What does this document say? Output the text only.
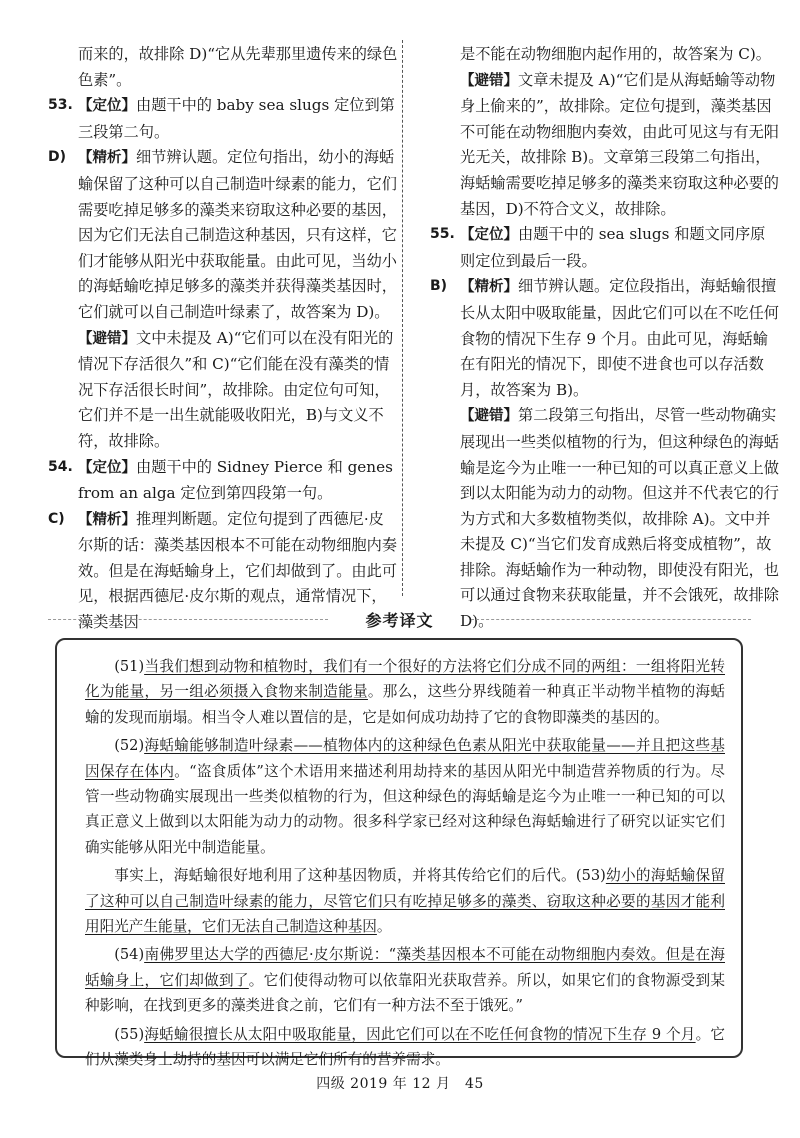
而来的，故排除 D)“它从先辈那里遗传来的绿色
色素”。

53. 【定位】由题干中的 baby sea slugs 定位到第三段第二句。
D) 【精析】细节辨认题。定位句指出，幼小的海蛞蝓保留了这种可以自己制造叶绿素的能力，它们需要吃掉足够多的藻类来窃取这种必要的基因，因为它们无法自己制造这种基因，只有这样，它们才能够从阳光中获取能量。由此可见，当幼小的海蛞蝓吃掉足够多的藻类并获得藻类基因时，它们就可以自己制造叶绿素了，故答案为 D)。
【避错】文中未提及 A)“它们可以在没有阳光的情况下存活很久”和 C)“它们能在没有藻类的情况下存活很长时间”，故排除。由定位句可知，它们并不是一出生就能吸收阳光，B)与文义不符，故排除。
54. 【定位】由题干中的 Sidney Pierce 和 genes from an alga 定位到第四段第一句。
C) 【精析】推理判断题。定位句提到了西德尼·皮尔斯的话：藻类基因根本不可能在动物细胞内奏效。但是在海蛞蝓身上，它们却做到了。由此可见，根据西德尼·皮尔斯的观点，通常情况下，藻类基因

是不能在动物细胞内起作用的，故答案为 C)。

【避错】文章未提及 A)“它们是从海蛞蝓等动物身上偷来的”，故排除。定位句提到，藻类基因不可能在动物细胞内奏效，由此可见这与有无阳光无关，故排除 B)。文章第三段第二句指出，海蛞蝓需要吃掉足够多的藻类来窃取这种必要的基因，D)不符合文义，故排除。
55. 【定位】由题干中的 sea slugs 和题文同序原则定位到最后一段。
B) 【精析】细节辨认题。定位段指出，海蛞蝓很擅长从太阳中吸取能量，因此它们可以在不吃任何食物的情况下生存 9 个月。由此可见，海蛞蝓在有阳光的情况下，即使不进食也可以存活数月，故答案为 B)。
【避错】第二段第三句指出，尽管一些动物确实展现出一些类似植物的行为，但这种绿色的海蛞蝓是迄今为止唯一一种已知的可以真正意义上做到以太阳能为动力的动物。但这并不代表它的行为方式和大多数植物类似，故排除 A)。文中并未提及 C)“当它们发育成熟后将变成植物”，故排除。海蛞蝓作为一种动物，即使没有阳光，也可以通过食物来获取能量，并不会饿死，故排除 D)。
参考译文

(51)当我们想到动物和植物时，我们有一个很好的方法将它们分成不同的两组：一组将阳光转化为能量，另一组必须摄入食物来制造能量。那么，这些分界线随着一种真正半动物半植物的海蛞蝓的发现而崩塌。相当令人难以置信的是，它是如何成功劫持了它的食物即藻类的基因的。

(52)海蛞蝓能够制造叶绿素——植物体内的这种绿色色素从阳光中获取能量——并且把这些基因保存在体内。“盗食质体”这个术语用来描述利用劫持来的基因从阳光中制造营养物质的行为。尽管一些动物确实展现出一些类似植物的行为，但这种绿色的海蛞蝓是迄今为止唯一一种已知的可以真正意义上做到以太阳能为动力的动物。很多科学家已经对这种绿色海蛞蝓进行了研究以证实它们确实能够从阳光中制造能量。

事实上，海蛞蝓很好地利用了这种基因物质，并将其传给它们的后代。(53)幼小的海蛞蝓保留了这种可以自己制造叶绿素的能力，尽管它们只有吃掉足够多的藻类、窃取这种必要的基因才能利用阳光产生能量，它们无法自己制造这种基因。

(54)南佛罗里达大学的西德尼·皮尔斯说：“藻类基因根本不可能在动物细胞内奏效。但是在海蛞蝓身上，它们却做到了。它们使得动物可以依靠阳光获取营养。所以，如果它们的食物源受到某种影响，在找到更多的藻类进食之前，它们有一种方法不至于饿死。”

(55)海蛞蝓很擅长从太阳中吸取能量，因此它们可以在不吃任何食物的情况下生存 9 个月。它们从藻类身上劫持的基因可以满足它们所有的营养需求。

四级 2019 年 12 月　45
